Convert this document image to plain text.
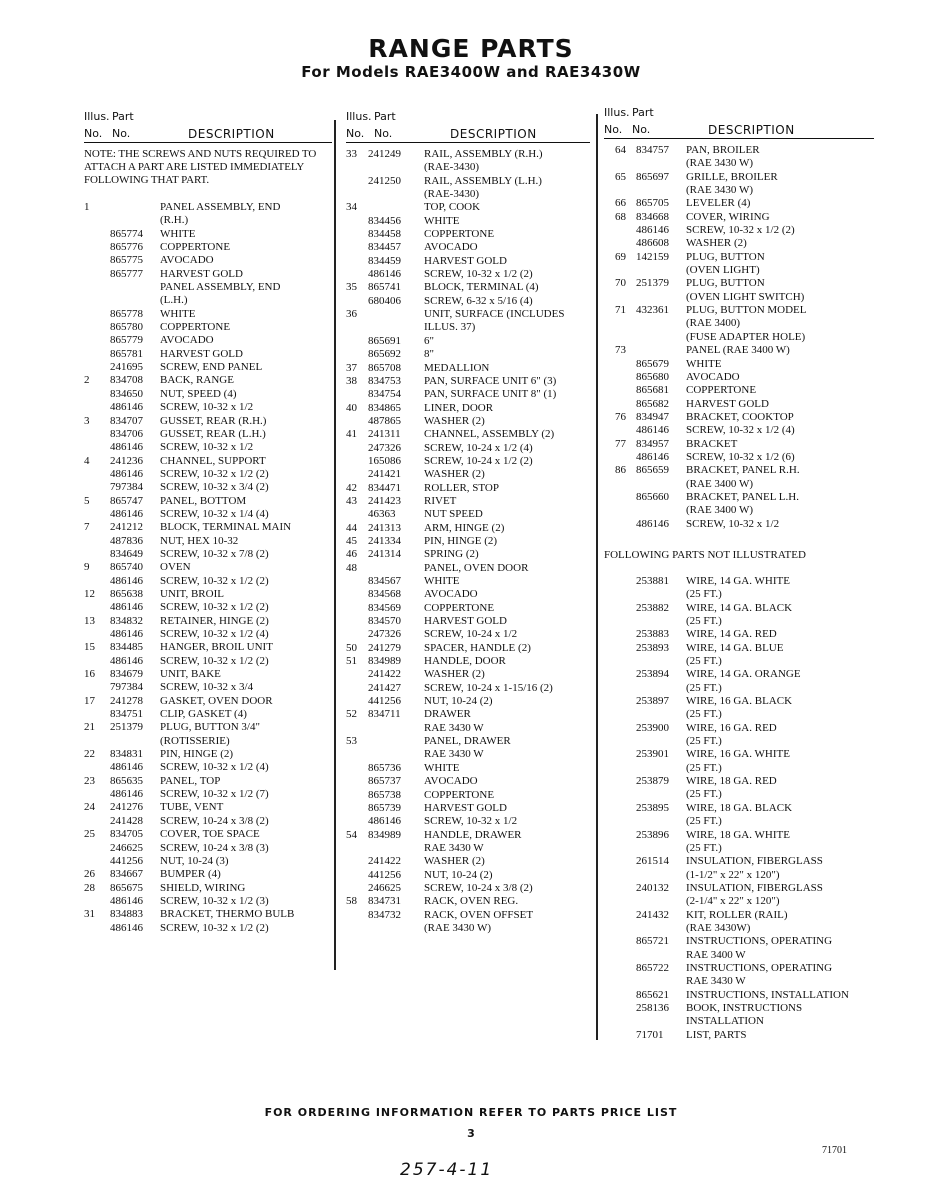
RANGE PARTS
For Models RAE3400W and RAE3430W
Illus. Part
No. No.	DESCRIPTION
NOTE: THE SCREWS AND NUTS REQUIRED TO ATTACH A PART ARE LISTED IMMEDIATELY FOLLOWING THAT PART.
1	PANEL ASSEMBLY, END
(R.H.)
865774	WHITE
865776	COPPERTONE
865775	AVOCADO
865777	HARVEST GOLD
PANEL ASSEMBLY, END
(L.H.)
865778	WHITE
865780	COPPERTONE
865779	AVOCADO
865781	HARVEST GOLD
241695	SCREW, END PANEL
2	834708	BACK, RANGE
834650	NUT, SPEED (4)
486146	SCREW, 10-32 x 1/2
3	834707	GUSSET, REAR (R.H.)
834706	GUSSET, REAR (L.H.)
486146	SCREW, 10-32 x 1/2
4	241236	CHANNEL, SUPPORT
486146	SCREW, 10-32 x 1/2 (2)
797384	SCREW, 10-32 x 3/4 (2)
5	865747	PANEL, BOTTOM
486146	SCREW, 10-32 x 1/4 (4)
7	241212	BLOCK, TERMINAL MAIN
487836	NUT, HEX 10-32
834649	SCREW, 10-32 x 7/8 (2)
9	865740	OVEN
486146	SCREW, 10-32 x 1/2 (2)
12	865638	UNIT, BROIL
486146	SCREW, 10-32 x 1/2 (2)
13	834832	RETAINER, HINGE (2)
486146	SCREW, 10-32 x 1/2 (4)
15	834485	HANGER, BROIL UNIT
486146	SCREW, 10-32 x 1/2 (2)
16	834679	UNIT, BAKE
797384	SCREW, 10-32 x 3/4
17	241278	GASKET, OVEN DOOR
834751	CLIP, GASKET (4)
21	251379	PLUG, BUTTON 3/4"
(ROTISSERIE)
22	834831	PIN, HINGE (2)
486146	SCREW, 10-32 x 1/2 (4)
23	865635	PANEL, TOP
486146	SCREW, 10-32 x 1/2 (7)
24	241276	TUBE, VENT
241428	SCREW, 10-24 x 3/8 (2)
25	834705	COVER, TOE SPACE
246625	SCREW, 10-24 x 3/8 (3)
441256	NUT, 10-24 (3)
26	834667	BUMPER (4)
28	865675	SHIELD, WIRING
486146	SCREW, 10-32 x 1/2 (3)
31	834883	BRACKET, THERMO BULB
486146	SCREW, 10-32 x 1/2 (2)
Illus. Part
No. No.	DESCRIPTION
33	241249	RAIL, ASSEMBLY (R.H.)
(RAE-3430)
241250	RAIL, ASSEMBLY (L.H.)
(RAE-3430)
34	TOP, COOK
834456	WHITE
834458	COPPERTONE
834457	AVOCADO
834459	HARVEST GOLD
486146	SCREW, 10-32 x 1/2 (2)
35	865741	BLOCK, TERMINAL (4)
680406	SCREW, 6-32 x 5/16 (4)
36	UNIT, SURFACE (INCLUDES
ILLUS. 37)
865691	6"
865692	8"
37	865708	MEDALLION
38	834753	PAN, SURFACE UNIT 6" (3)
834754	PAN, SURFACE UNIT 8" (1)
40	834865	LINER, DOOR
487865	WASHER (2)
41	241311	CHANNEL, ASSEMBLY (2)
247326	SCREW, 10-24 x 1/2 (4)
165086	SCREW, 10-24 x 1/2 (2)
241421	WASHER (2)
42	834471	ROLLER, STOP
43	241423	RIVET
46363	NUT SPEED
44	241313	ARM, HINGE (2)
45	241334	PIN, HINGE (2)
46	241314	SPRING (2)
48	PANEL, OVEN DOOR
834567	WHITE
834568	AVOCADO
834569	COPPERTONE
834570	HARVEST GOLD
247326	SCREW, 10-24 x 1/2
50	241279	SPACER, HANDLE (2)
51	834989	HANDLE, DOOR
241422	WASHER (2)
241427	SCREW, 10-24 x 1-15/16 (2)
441256	NUT, 10-24 (2)
52	834711	DRAWER
RAE 3430 W
53	PANEL, DRAWER
RAE 3430 W
865736	WHITE
865737	AVOCADO
865738	COPPERTONE
865739	HARVEST GOLD
486146	SCREW, 10-32 x 1/2
54	834989	HANDLE, DRAWER
RAE 3430 W
241422	WASHER (2)
441256	NUT, 10-24 (2)
246625	SCREW, 10-24 x 3/8 (2)
58	834731	RACK, OVEN REG.
834732	RACK, OVEN OFFSET
(RAE 3430 W)
Illus. Part
No. No.	DESCRIPTION
64 834757	PAN, BROILER
(RAE 3430 W)
65 865697	GRILLE, BROILER
(RAE 3430 W)
66 865705	LEVELER (4)
68 834668	COVER, WIRING
486146	SCREW, 10-32 x 1/2 (2)
486608	WASHER (2)
69 142159	PLUG, BUTTON
(OVEN LIGHT)
70 251379	PLUG, BUTTON
(OVEN LIGHT SWITCH)
71 432361	PLUG, BUTTON MODEL
(RAE 3400)
(FUSE ADAPTER HOLE)
73	PANEL (RAE 3400 W)
865679	WHITE
865680	AVOCADO
865681	COPPERTONE
865682	HARVEST GOLD
76 834947	BRACKET, COOKTOP
486146	SCREW, 10-32 x 1/2 (4)
77 834957	BRACKET
486146	SCREW, 10-32 x 1/2 (6)
86 865659	BRACKET, PANEL R.H.
(RAE 3400 W)
865660	BRACKET, PANEL L.H.
(RAE 3400 W)
486146	SCREW, 10-32 x 1/2
FOLLOWING PARTS NOT ILLUSTRATED
253881	WIRE, 14 GA. WHITE
(25 FT.)
253882	WIRE, 14 GA. BLACK
(25 FT.)
253883	WIRE, 14 GA. RED
253893	WIRE, 14 GA. BLUE
(25 FT.)
253894	WIRE, 14 GA. ORANGE
(25 FT.)
253897	WIRE, 16 GA. BLACK
(25 FT.)
253900	WIRE, 16 GA. RED
(25 FT.)
253901	WIRE, 16 GA. WHITE
(25 FT.)
253879	WIRE, 18 GA. RED
(25 FT.)
253895	WIRE, 18 GA. BLACK
(25 FT.)
253896	WIRE, 18 GA. WHITE
(25 FT.)
261514	INSULATION, FIBERGLASS
(1-1/2" x 22" x 120")
240132	INSULATION, FIBERGLASS
(2-1/4" x 22" x 120")
241432	KIT, ROLLER (RAIL)
(RAE 3430W)
865721	INSTRUCTIONS, OPERATING
RAE 3400 W
865722	INSTRUCTIONS, OPERATING
RAE 3430 W
865621	INSTRUCTIONS, INSTALLATION
258136	BOOK, INSTRUCTIONS
INSTALLATION
71701	LIST, PARTS
FOR ORDERING INFORMATION REFER TO PARTS PRICE LIST
3
71701
257-4-11
